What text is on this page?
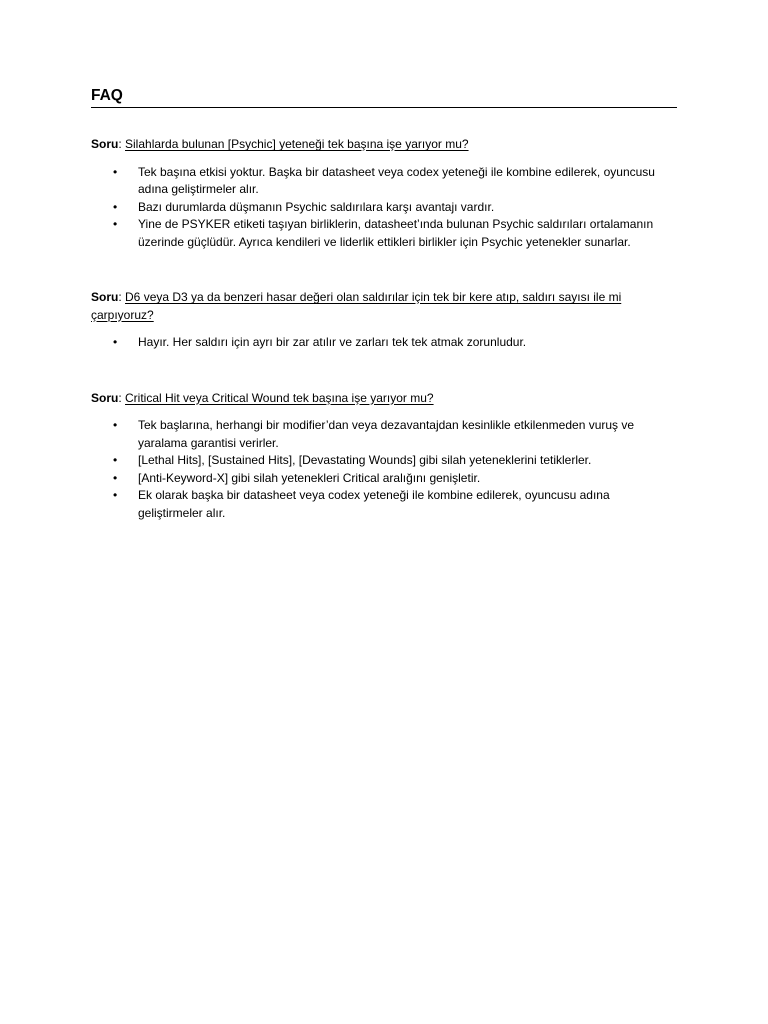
FAQ

Soru: Silahlarda bulunan [Psychic] yeteneği tek başına işe yarıyor mu?

• Tek başına etkisi yoktur. Başka bir datasheet veya codex yeteneği ile kombine edilerek, oyuncusu adına geliştirmeler alır.
• Bazı durumlarda düşmanın Psychic saldırılara karşı avantajı vardır.
• Yine de PSYKER etiketi taşıyan birliklerin, datasheet’ında bulunan Psychic saldırıları ortalamanın üzerinde güçlüdür. Ayrıca kendileri ve liderlik ettikleri birlikler için Psychic yetenekler sunarlar.

Soru: D6 veya D3 ya da benzeri hasar değeri olan saldırılar için tek bir kere atıp, saldırı sayısı ile mi çarpıyoruz?

• Hayır. Her saldırı için ayrı bir zar atılır ve zarları tek tek atmak zorunludur.

Soru: Critical Hit veya Critical Wound tek başına işe yarıyor mu?

• Tek başlarına, herhangi bir modifier’dan veya dezavantajdan kesinlikle etkilenmeden vuruş ve yaralama garantisi verirler.
• [Lethal Hits], [Sustained Hits], [Devastating Wounds] gibi silah yeteneklerini tetiklerler.
• [Anti-Keyword-X] gibi silah yetenekleri Critical aralığını genişletir.
• Ek olarak başka bir datasheet veya codex yeteneği ile kombine edilerek, oyuncusu adına geliştirmeler alır.
